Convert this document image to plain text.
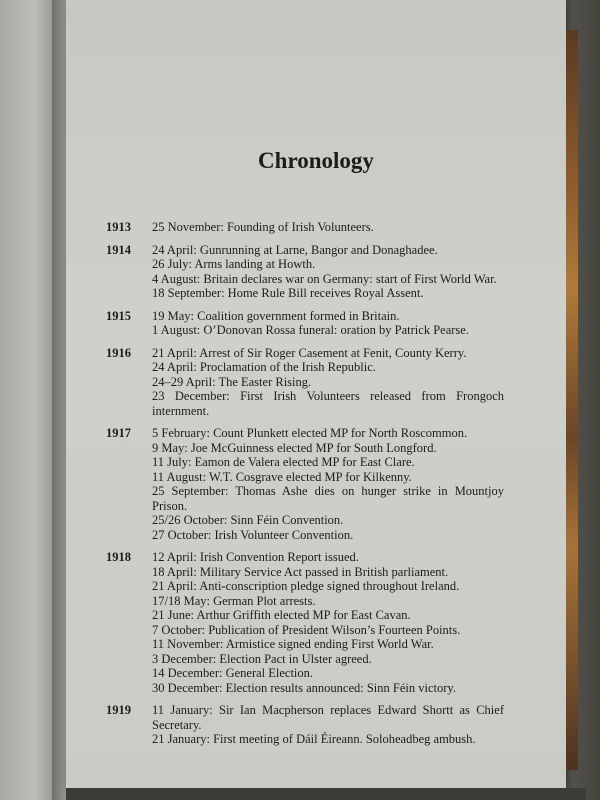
Chronology
1913	25 November: Founding of Irish Volunteers.

1914	24 April: Gunrunning at Larne, Bangor and Donaghadee.

26 July: Arms landing at Howth.

4 August: Britain declares war on Germany: start of First World War.

18 September: Home Rule Bill receives Royal Assent.

1915	19 May: Coalition government formed in Britain.

1 August: O’Donovan Rossa funeral: oration by Patrick Pearse.

1916	21 April: Arrest of Sir Roger Casement at Fenit, County Kerry.

24 April: Proclamation of the Irish Republic.

24–29 April: The Easter Rising.

23 December: First Irish Volunteers released from Frongoch internment.

1917	5 February: Count Plunkett elected MP for North Roscommon.

9 May: Joe McGuinness elected MP for South Longford.

11 July: Eamon de Valera elected MP for East Clare.

11 August: W.T. Cosgrave elected MP for Kilkenny.

25 September: Thomas Ashe dies on hunger strike in Mountjoy Prison.

25/26 October: Sinn Féin Convention.

27 October: Irish Volunteer Convention.

1918	12 April: Irish Convention Report issued.

18 April: Military Service Act passed in British parliament.

21 April: Anti-conscription pledge signed throughout Ireland.

17/18 May: German Plot arrests.

21 June: Arthur Griffith elected MP for East Cavan.

7 October: Publication of President Wilson’s Fourteen Points.

11 November: Armistice signed ending First World War.

3 December: Election Pact in Ulster agreed.

14 December: General Election.

30 December: Election results announced: Sinn Féin victory.

1919	11 January: Sir Ian Macpherson replaces Edward Shortt as Chief Secretary.

21 January: First meeting of Dáil Éireann. Soloheadbeg ambush.
